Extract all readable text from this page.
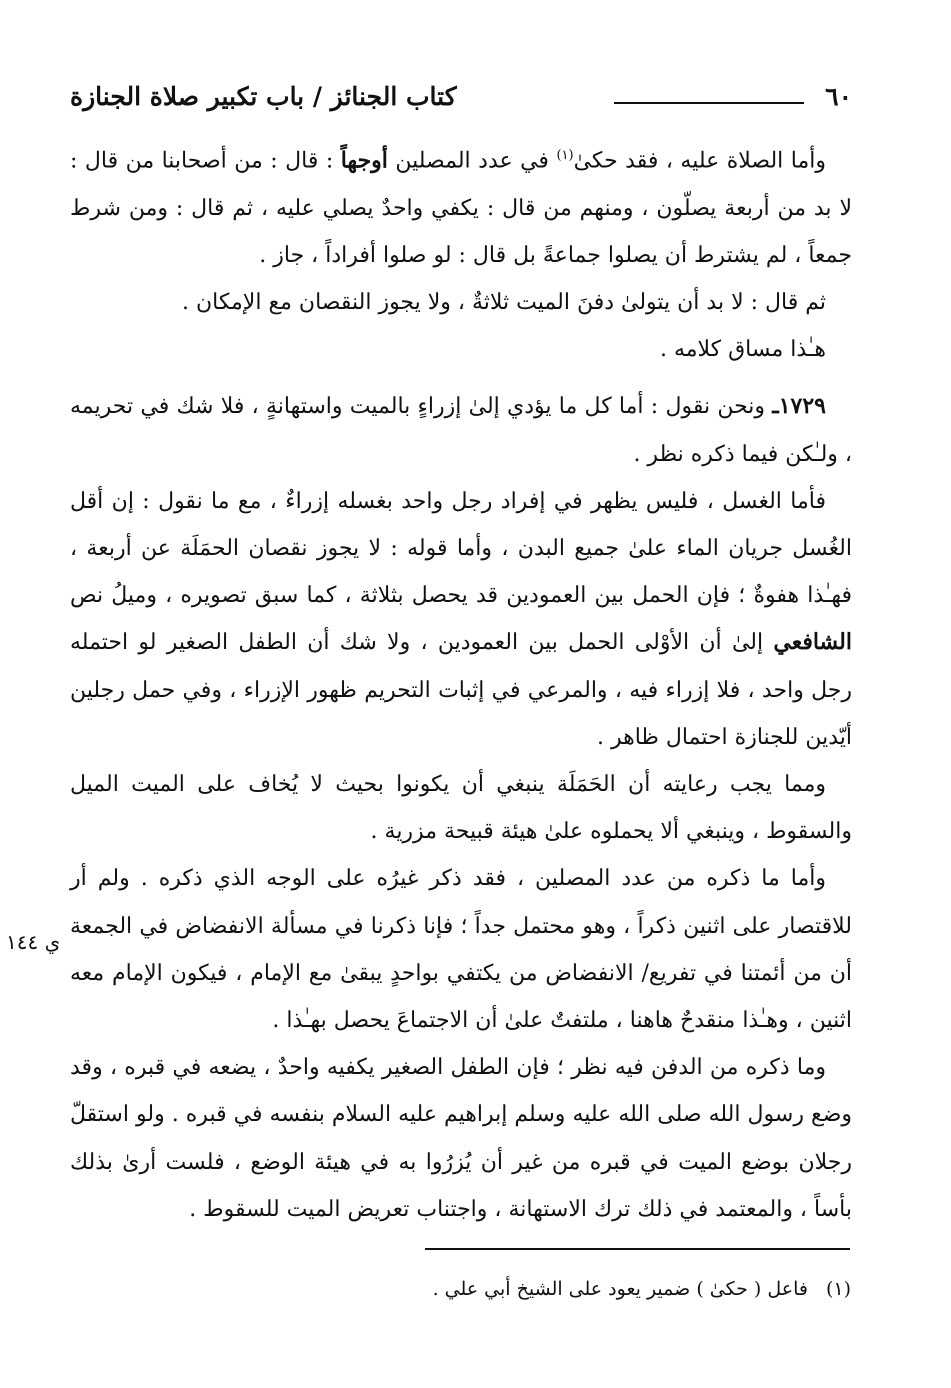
٦٠
كتاب الجنائز / باب تكبير صلاة الجنازة

وأما الصلاة عليه ، فقد حكىٰ$^{(١)}$ في عدد المصلين أوجهاً : قال : من أصحابنا من قال : لا بد من أربعة يصلّون ، ومنهم من قال : يكفي واحدٌ يصلي عليه ، ثم قال : ومن شرط جمعاً ، لم يشترط أن يصلوا جماعةً بل قال : لو صلوا أفراداً ، جاز .

ثم قال : لا بد أن يتولىٰ دفنَ الميت ثلاثةٌ ، ولا يجوز النقصان مع الإمكان .

هـٰذا مساق كلامه .

١٧٢٩ـ ونحن نقول : أما كل ما يؤدي إلىٰ إزراءٍ بالميت واستهانةٍ ، فلا شك في تحريمه ، ولـٰكن فيما ذكره نظر .

فأما الغسل ، فليس يظهر في إفراد رجل واحد بغسله إزراءٌ ، مع ما نقول : إن أقل الغُسل جريان الماء علىٰ جميع البدن ، وأما قوله : لا يجوز نقصان الحمَلَة عن أربعة ، فهـٰذا هفوةٌ ؛ فإن الحمل بين العمودين قد يحصل بثلاثة ، كما سبق تصويره ، وميلُ نص الشافعي إلىٰ أن الأوْلى الحمل بين العمودين ، ولا شك أن الطفل الصغير لو احتمله رجل واحد ، فلا إزراء فيه ، والمرعي في إثبات التحريم ظهور الإزراء ، وفي حمل رجلين أيّدين للجنازة احتمال ظاهر .

ومما يجب رعايته أن الحَمَلَة ينبغي أن يكونوا بحيث لا يُخاف على الميت الميل والسقوط ، وينبغي ألا يحملوه علىٰ هيئة قبيحة مزرية .

وأما ما ذكره من عدد المصلين ، فقد ذكر غيرُه على الوجه الذي ذكره . ولم أر للاقتصار على اثنين ذكراً ، وهو محتمل جداً ؛ فإنا ذكرنا في مسألة الانفضاض في الجمعة أن من أئمتنا في تفريع/ الانفضاض من يكتفي بواحدٍ يبقىٰ مع الإمام ، فيكون الإمام معه اثنين ، وهـٰذا منقدحٌ هاهنا ، ملتفتٌ علىٰ أن الاجتماعَ يحصل بهـٰذا .

وما ذكره من الدفن فيه نظر ؛ فإن الطفل الصغير يكفيه واحدٌ ، يضعه في قبره ، وقد وضع رسول الله صلى الله عليه وسلم إبراهيم عليه السلام بنفسه في قبره . ولو استقلّ رجلان بوضع الميت في قبره من غير أن يُزرُوا به في هيئة الوضع ، فلست أرىٰ بذلك بأساً ، والمعتمد في ذلك ترك الاستهانة ، واجتناب تعريض الميت للسقوط .

ي ١٤٤
(١)فاعل ( حكىٰ ) ضمير يعود على الشيخ أبي علي .
